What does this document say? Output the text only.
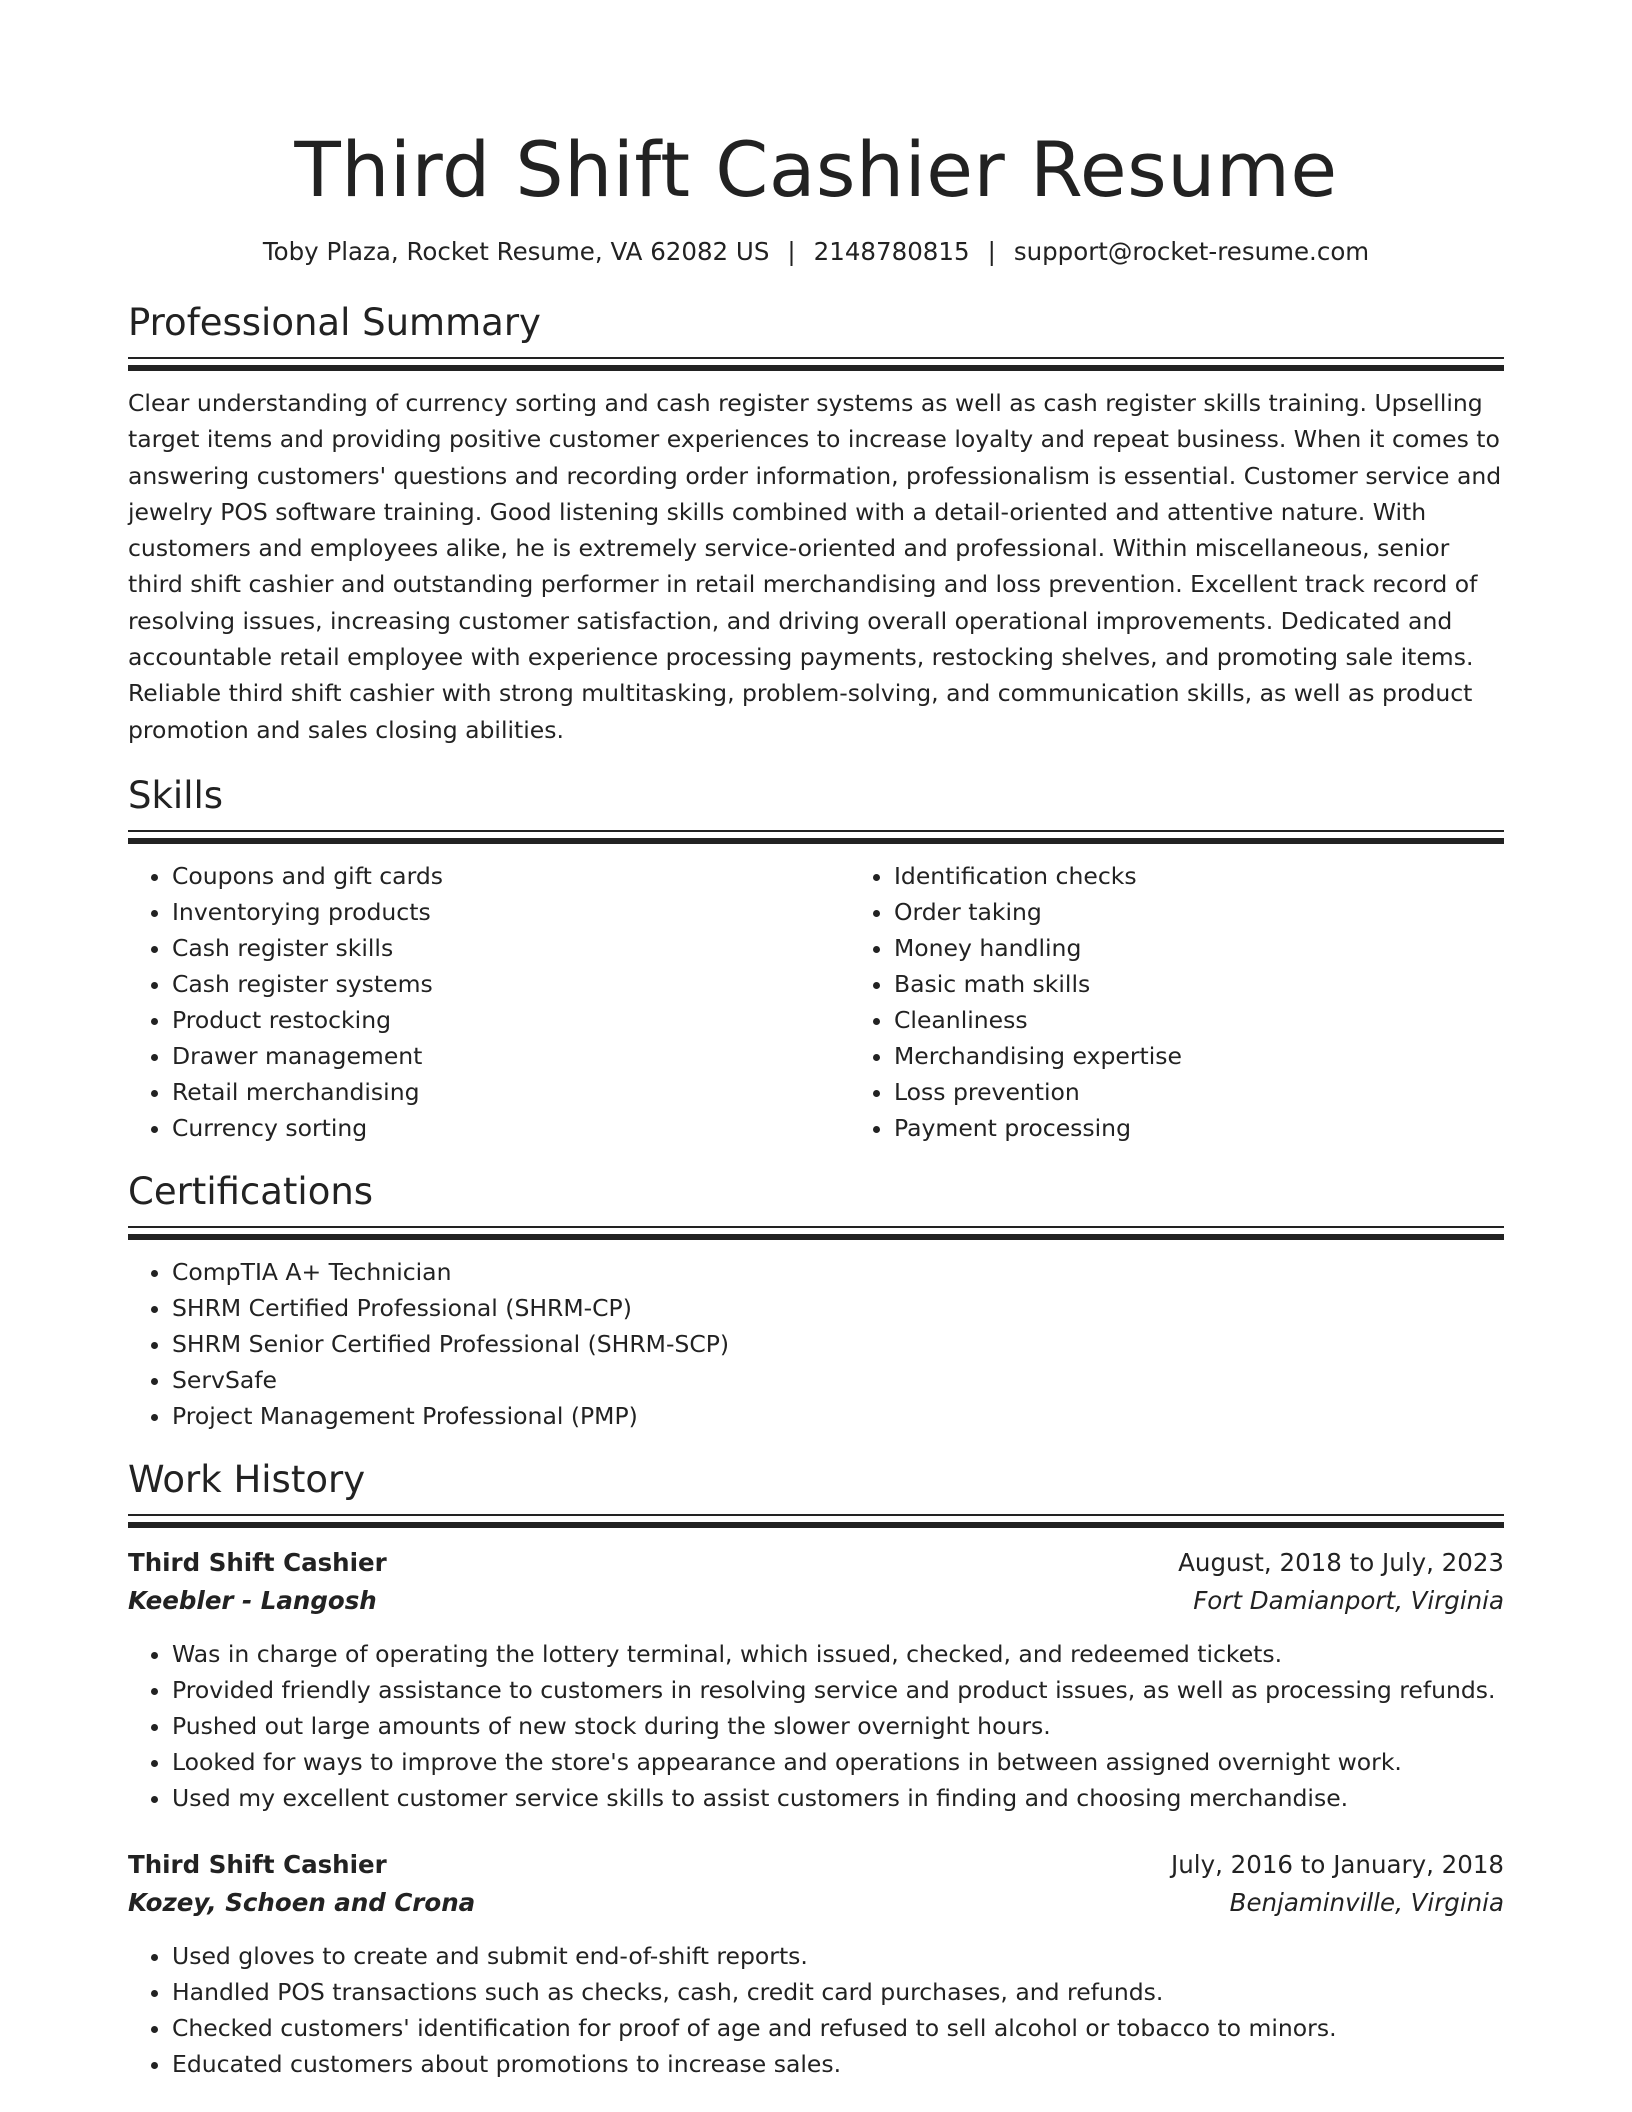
Third Shift Cashier Resume
Toby Plaza, Rocket Resume, VA 62082 US | 2148780815 | support@rocket-resume.com
Professional Summary

Clear understanding of currency sorting and cash register systems as well as cash register skills training. Upselling target items and providing positive customer experiences to increase loyalty and repeat business. When it comes to answering customers' questions and recording order information, professionalism is essential. Customer service and jewelry POS software training. Good listening skills combined with a detail-oriented and attentive nature. With customers and employees alike, he is extremely service-oriented and professional. Within miscellaneous, senior third shift cashier and outstanding performer in retail merchandising and loss prevention. Excellent track record of resolving issues, increasing customer satisfaction, and driving overall operational improvements. Dedicated and accountable retail employee with experience processing payments, restocking shelves, and promoting sale items. Reliable third shift cashier with strong multitasking, problem-solving, and communication skills, as well as product promotion and sales closing abilities.

Skills
• Coupons and gift cards
• Inventorying products
• Cash register skills
• Cash register systems
• Product restocking
• Drawer management
• Retail merchandising
• Currency sorting
• Identification checks
• Order taking
• Money handling
• Basic math skills
• Cleanliness
• Merchandising expertise
• Loss prevention
• Payment processing
Certifications
• CompTIA A+ Technician
• SHRM Certified Professional (SHRM-CP)
• SHRM Senior Certified Professional (SHRM-SCP)
• ServSafe
• Project Management Professional (PMP)
Work History
Third Shift Cashier	August, 2018 to July, 2023
Keebler - Langosh	Fort Damianport, Virginia
• Was in charge of operating the lottery terminal, which issued, checked, and redeemed tickets.
• Provided friendly assistance to customers in resolving service and product issues, as well as processing refunds.
• Pushed out large amounts of new stock during the slower overnight hours.
• Looked for ways to improve the store's appearance and operations in between assigned overnight work.
• Used my excellent customer service skills to assist customers in finding and choosing merchandise.
Third Shift Cashier	July, 2016 to January, 2018
Kozey, Schoen and Crona	Benjaminville, Virginia
• Used gloves to create and submit end-of-shift reports.
• Handled POS transactions such as checks, cash, credit card purchases, and refunds.
• Checked customers' identification for proof of age and refused to sell alcohol or tobacco to minors.
• Educated customers about promotions to increase sales.
